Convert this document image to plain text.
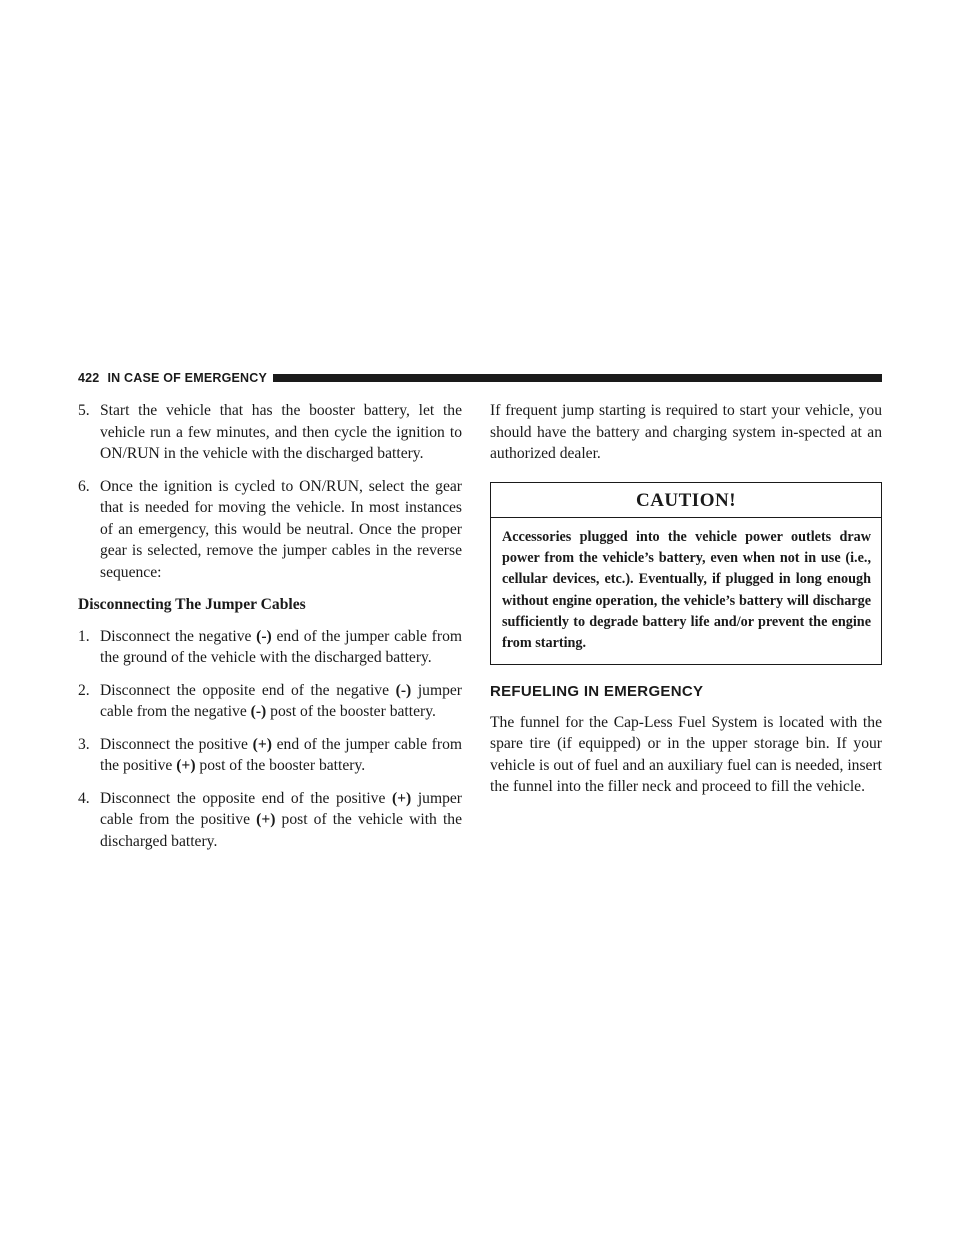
422 IN CASE OF EMERGENCY

5. Start the vehicle that has the booster battery, let the vehicle run a few minutes, and then cycle the ignition to ON/RUN in the vehicle with the discharged battery.

6. Once the ignition is cycled to ON/RUN, select the gear that is needed for moving the vehicle. In most instances of an emergency, this would be neutral. Once the proper gear is selected, remove the jumper cables in the reverse sequence:

Disconnecting The Jumper Cables

1. Disconnect the negative (-) end of the jumper cable from the ground of the vehicle with the discharged battery.

2. Disconnect the opposite end of the negative (-) jumper cable from the negative (-) post of the booster battery.

3. Disconnect the positive (+) end of the jumper cable from the positive (+) post of the booster battery.

4. Disconnect the opposite end of the positive (+) jumper cable from the positive (+) post of the vehicle with the discharged battery.

If frequent jump starting is required to start your vehicle, you should have the battery and charging system in-spected at an authorized dealer.

CAUTION!
Accessories plugged into the vehicle power outlets draw power from the vehicle’s battery, even when not in use (i.e., cellular devices, etc.). Eventually, if plugged in long enough without engine operation, the vehicle’s battery will discharge sufficiently to degrade battery life and/or prevent the engine from starting.
REFUELING IN EMERGENCY

The funnel for the Cap-Less Fuel System is located with the spare tire (if equipped) or in the upper storage bin. If your vehicle is out of fuel and an auxiliary fuel can is needed, insert the funnel into the filler neck and proceed to fill the vehicle.
